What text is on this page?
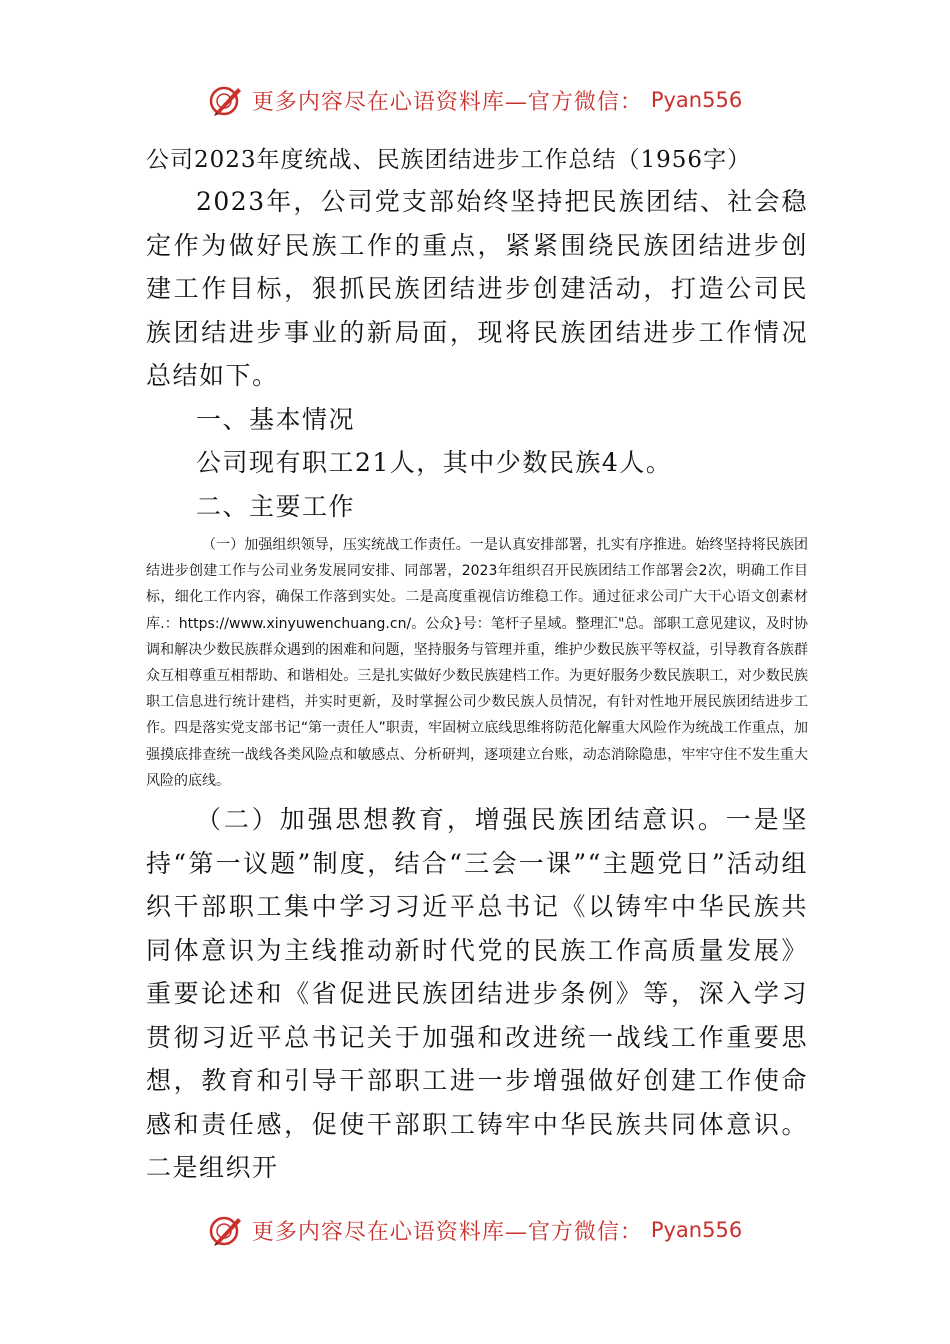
更多内容尽在心语资料库—官方微信： Pyan556
公司2023年度统战、民族团结进步工作总结（1956字）

2023年，公司党支部始终坚持把民族团结、社会稳定作为做好民族工作的重点，紧紧围绕民族团结进步创建工作目标，狠抓民族团结进步创建活动，打造公司民族团结进步事业的新局面，现将民族团结进步工作情况总结如下。

一、基本情况

公司现有职工21人，其中少数民族4人。

二、主要工作

（一）加强组织领导，压实统战工作责任。一是认真安排部署，扎实有序推进。始终坚持将民族团结进步创建工作与公司业务发展同安排、同部署，2023年组织召开民族团结工作部署会2次，明确工作目标，细化工作内容，确保工作落到实处。二是高度重视信访维稳工作。通过征求公司广大干心语文创素材库.：https://www.xinyuwenchuang.cn/。公众}号：笔杆子星域。整理汇"总。部职工意见建议，及时协调和解决少数民族群众遇到的困难和问题，坚持服务与管理并重，维护少数民族平等权益，引导教育各族群众互相尊重互相帮助、和谐相处。三是扎实做好少数民族建档工作。为更好服务少数民族职工，对少数民族职工信息进行统计建档，并实时更新，及时掌握公司少数民族人员情况，有针对性地开展民族团结进步工作。四是落实党支部书记“第一责任人”职责，牢固树立底线思维将防范化解重大风险作为统战工作重点，加强摸底排查统一战线各类风险点和敏感点、分析研判，逐项建立台账，动态消除隐患，牢牢守住不发生重大风险的底线。

（二）加强思想教育，增强民族团结意识。一是坚持“第一议题”制度，结合“三会一课”“主题党日”活动组织干部职工集中学习习近平总书记《以铸牢中华民族共同体意识为主线推动新时代党的民族工作高质量发展》重要论述和《省促进民族团结进步条例》等，深入学习贯彻习近平总书记关于加强和改进统一战线工作重要思想，教育和引导干部职工进一步增强做好创建工作使命感和责任感，促使干部职工铸牢中华民族共同体意识。二是组织开

更多内容尽在心语资料库—官方微信： Pyan556
